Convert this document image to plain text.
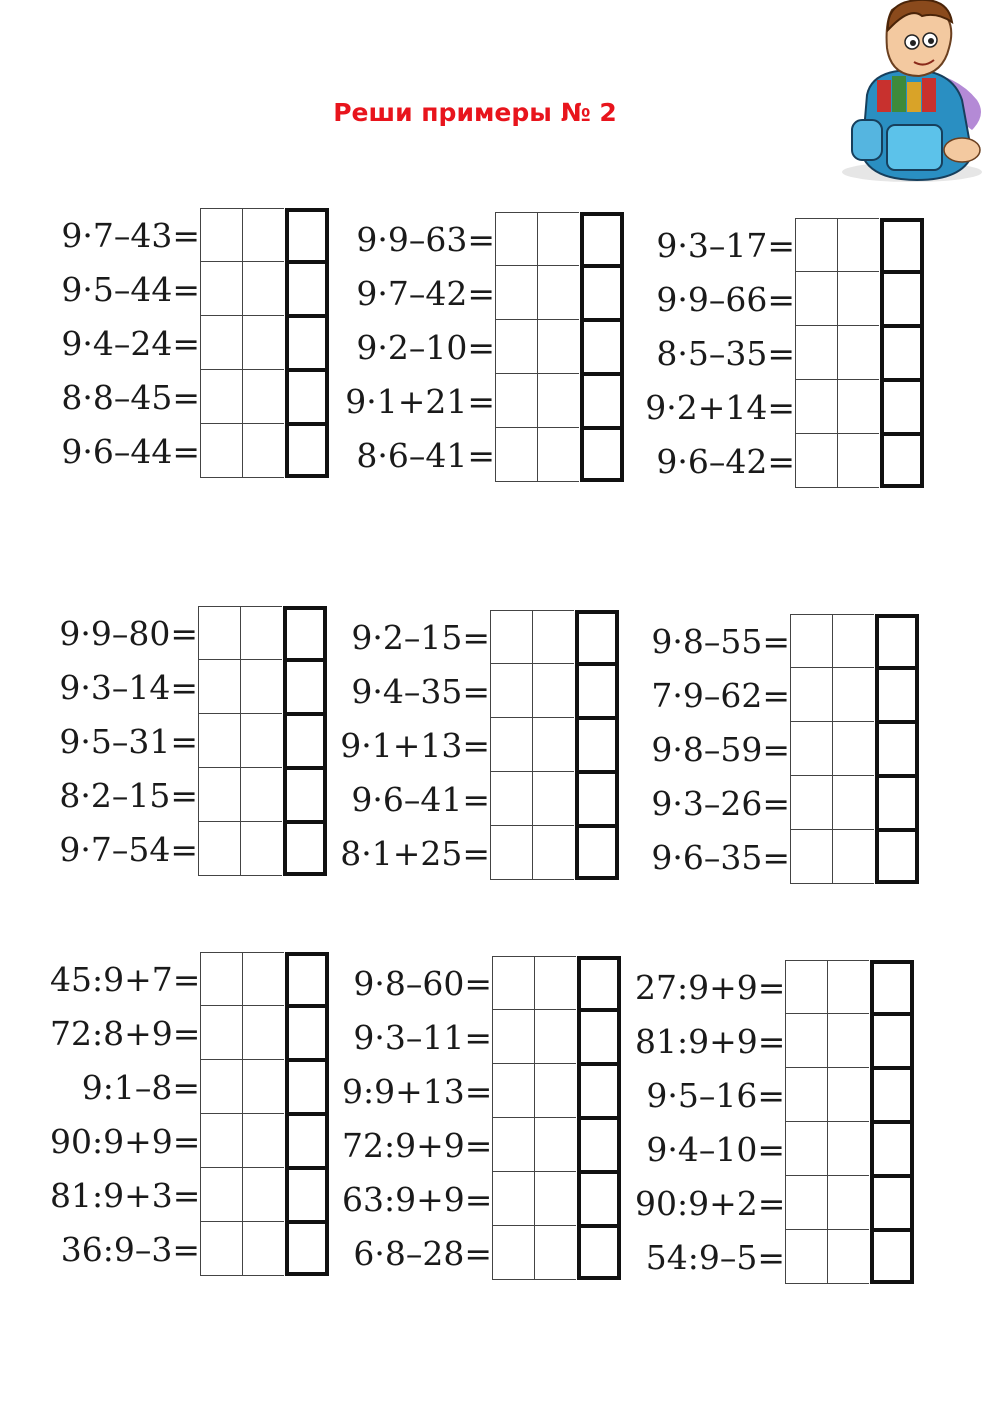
Реши примеры № 2
9·7–43=
9·5–44=
9·4–24=
8·8–45=
9·6–44=
9·9–63=
9·7–42=
9·2–10=
9·1+21=
8·6–41=
9·3–17=
9·9–66=
8·5–35=
9·2+14=
9·6–42=
9·9–80=
9·3–14=
9·5–31=
8·2–15=
9·7–54=
9·2–15=
9·4–35=
9·1+13=
9·6–41=
8·1+25=
9·8–55=
7·9–62=
9·8–59=
9·3–26=
9·6–35=
45:9+7=
72:8+9=
9:1–8=
90:9+9=
81:9+3=
36:9–3=
9·8–60=
9·3–11=
9:9+13=
72:9+9=
63:9+9=
6·8–28=
27:9+9=
81:9+9=
9·5–16=
9·4–10=
90:9+2=
54:9–5=
